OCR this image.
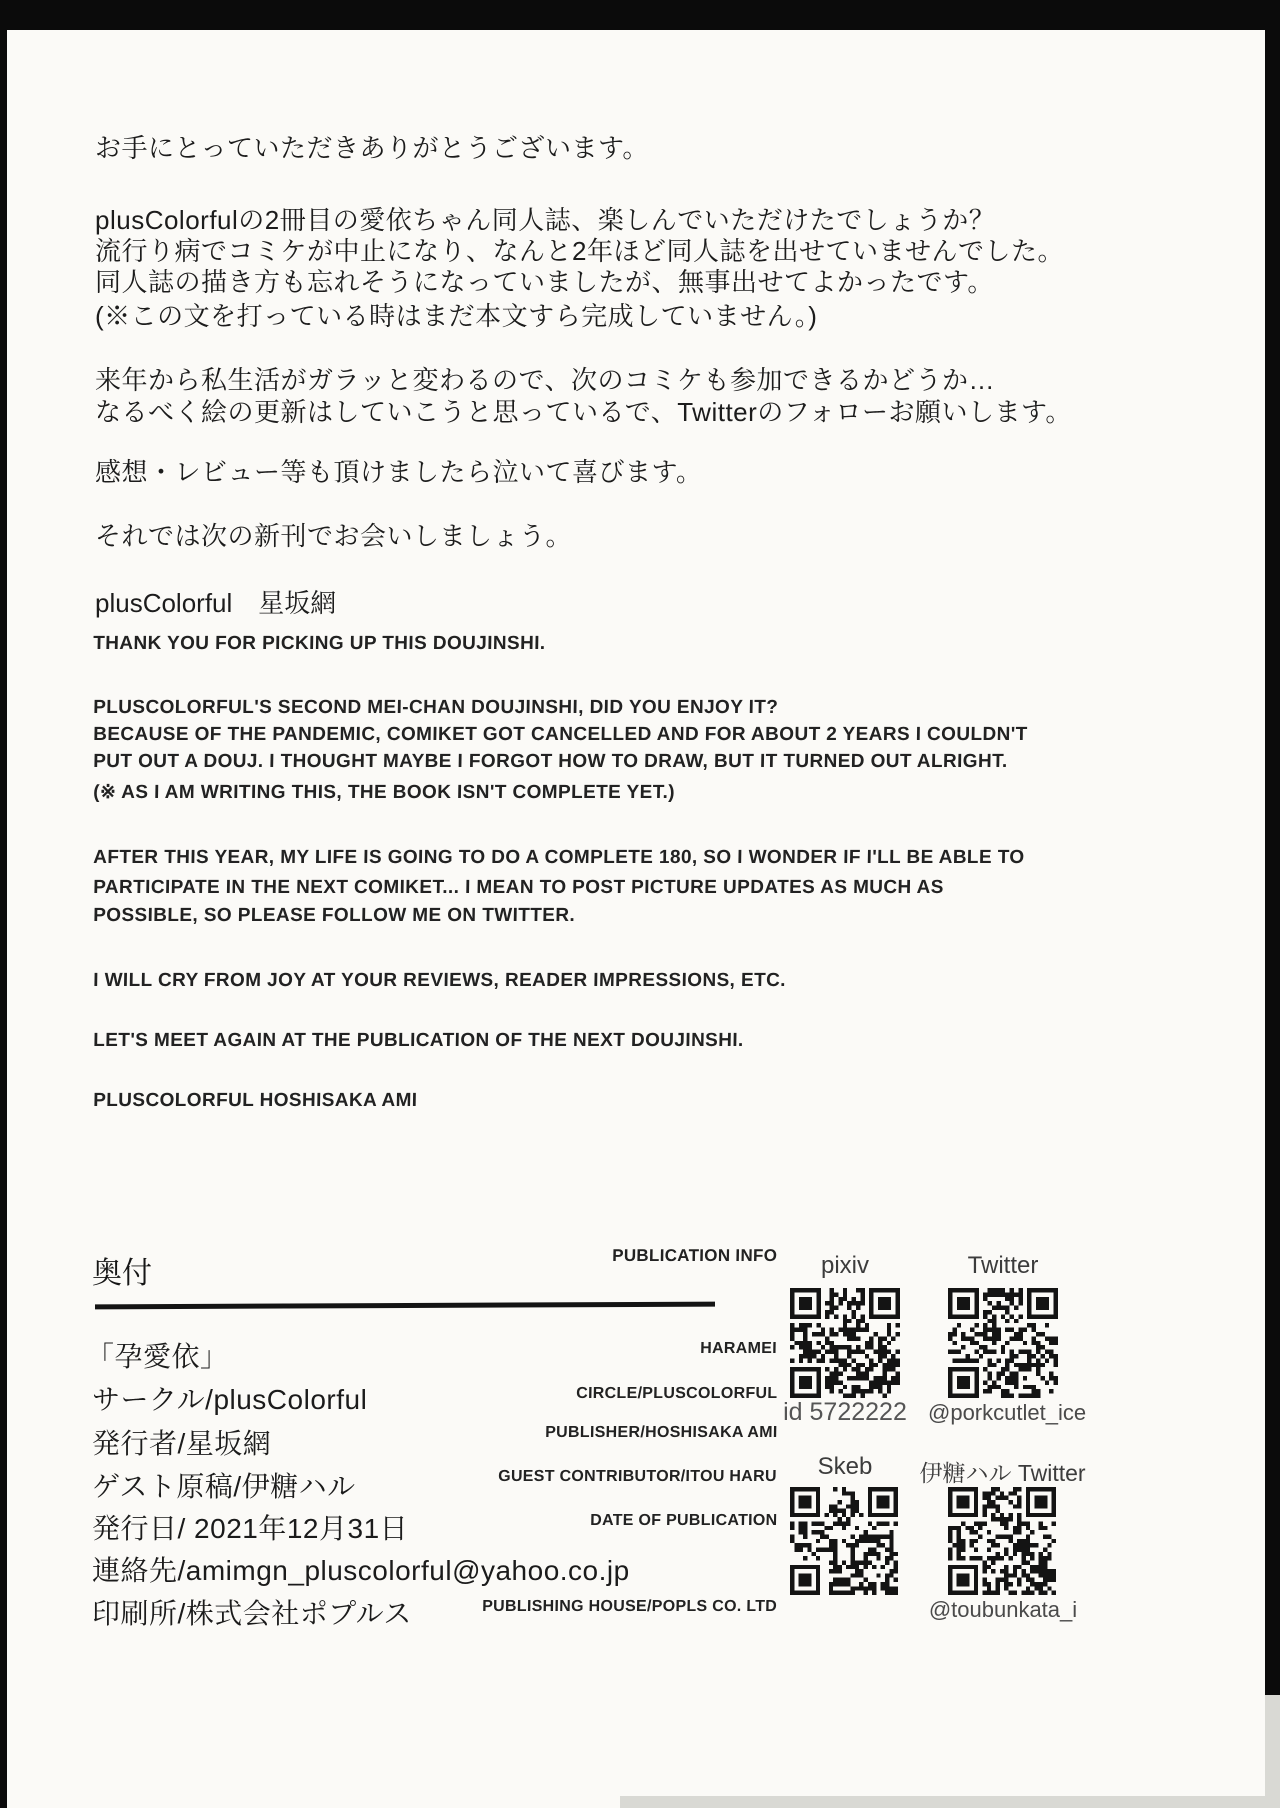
お手にとっていただきありがとうございます。
plusColorfulの2冊目の愛依ちゃん同人誌、楽しんでいただけたでしょうか？
流行り病でコミケが中止になり、なんと2年ほど同人誌を出せていませんでした。
同人誌の描き方も忘れそうになっていましたが、無事出せてよかったです。
(※この文を打っている時はまだ本文すら完成していません。)
来年から私生活がガラッと変わるので、次のコミケも参加できるかどうか…
なるべく絵の更新はしていこうと思っているで、Twitterのフォローお願いします。
感想・レビュー等も頂けましたら泣いて喜びます。
それでは次の新刊でお会いしましょう。
plusColorful　星坂網
THANK YOU FOR PICKING UP THIS DOUJINSHI.
PLUSCOLORFUL'S SECOND MEI-CHAN DOUJINSHI, DID YOU ENJOY IT?
BECAUSE OF THE PANDEMIC, COMIKET GOT CANCELLED AND FOR ABOUT 2 YEARS I COULDN'T
PUT OUT A DOUJ. I THOUGHT MAYBE I FORGOT HOW TO DRAW, BUT IT TURNED OUT ALRIGHT.
(※ AS I AM WRITING THIS, THE BOOK ISN'T COMPLETE YET.)
AFTER THIS YEAR, MY LIFE IS GOING TO DO A COMPLETE 180, SO I WONDER IF I'LL BE ABLE TO
PARTICIPATE IN THE NEXT COMIKET... I MEAN TO POST PICTURE UPDATES AS MUCH AS
POSSIBLE, SO PLEASE FOLLOW ME ON TWITTER.
I WILL CRY FROM JOY AT YOUR REVIEWS, READER IMPRESSIONS, ETC.
LET'S MEET AGAIN AT THE PUBLICATION OF THE NEXT DOUJINSHI.
PLUSCOLORFUL HOSHISAKA AMI
奥付
PUBLICATION INFO
「孕愛依」
サークル/plusColorful
発行者/星坂網
ゲスト原稿/伊糖ハル
発行日/ 2021年12月31日
連絡先/amimgn_pluscolorful@yahoo.co.jp
印刷所/株式会社ポプルス
HARAMEI
CIRCLE/PLUSCOLORFUL
PUBLISHER/HOSHISAKA AMI
GUEST CONTRIBUTOR/ITOU HARU
DATE OF PUBLICATION
PUBLISHING HOUSE/POPLS CO. LTD
pixiv	Twitter
id 5722222 @porkcutlet_ice
Skeb	伊糖ハル Twitter
@toubunkata_i
